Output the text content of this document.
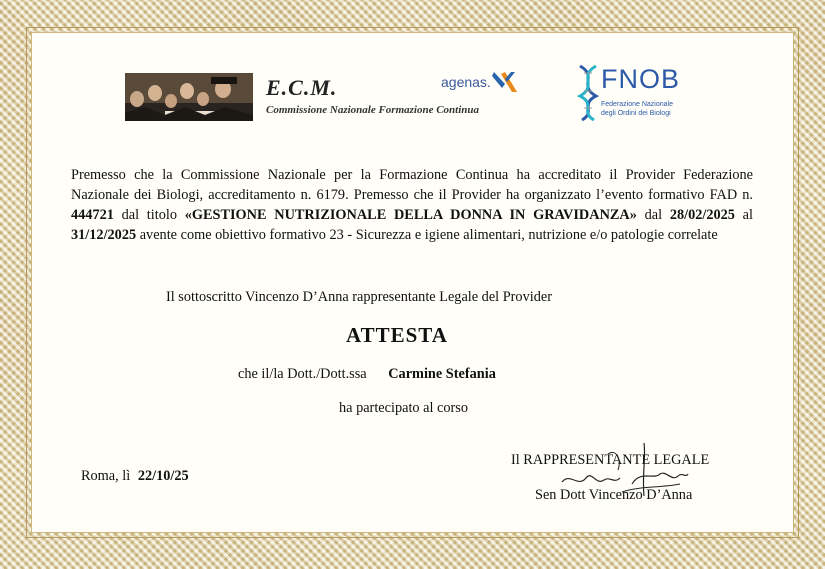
E.C.M.
Commissione Nazionale Formazione Continua
agenas.	FNOB
Federazione Nazionale
degli Ordini dei Biologi
Premesso che la Commissione Nazionale per la Formazione Continua ha accreditato il Provider Federazione Nazionale dei Biologi, accreditamento n. 6179. Premesso che il Provider ha organizzato l’evento formativo FAD n. 444721 dal titolo «GESTIONE NUTRIZIONALE DELLA DONNA IN GRAVIDANZA» dal 28/02/2025 al 31/12/2025 avente come obiettivo formativo 23 - Sicurezza e igiene alimentari, nutrizione e/o patologie correlate
Il sottoscritto Vincenzo D’Anna rappresentante Legale del Provider
ATTESTA
che il/la Dott./Dott.ssa Carmine Stefania
ha partecipato al corso
Roma, lì 22/10/25
Il RAPPRESENTANTE LEGALE
Sen Dott Vincenzo D’Anna
